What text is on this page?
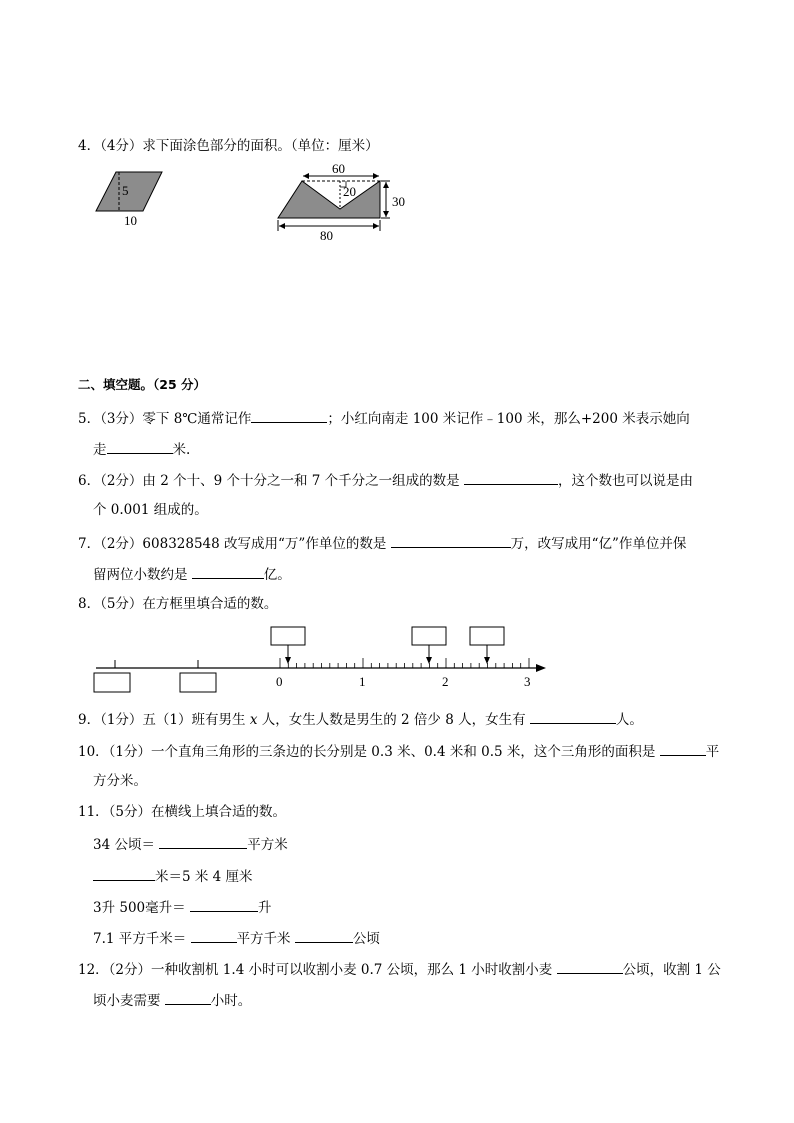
4．（4分）求下面涂色部分的面积。（单位：厘米）
5
10
60
20
30
80
二、填空题。（25 分）
5．（3分）零下 8℃通常记作	；小红向南走 100 米记作﹣100 米，那么+200 米表示她向
走	米.
6．（2分）由 2 个十、9 个十分之一和 7 个千分之一组成的数是	，这个数也可以说是由
个 0.001 组成的。
7．（2分）608328548 改写成用“万”作单位的数是	万，改写成用“亿”作单位并保
留两位小数约是	亿。
8．（5分）在方框里填合适的数。
0	1	2	3
9．（1分）五（1）班有男生 x 人，女生人数是男生的 2 倍少 8 人，女生有	人。
10．（1分）一个直角三角形的三条边的长分别是 0.3 米、0.4 米和 0.5 米，这个三角形的面积是	平
方分米。
11．（5分）在横线上填合适的数。
34 公顷＝	平方米
米＝5 米 4 厘米
3升 500毫升＝	升
7.1 平方千米＝	平方千米	公顷
12．（2分）一种收割机 1.4 小时可以收割小麦 0.7 公顷，那么 1 小时收割小麦	公顷，收割 1 公
顷小麦需要	小时。
